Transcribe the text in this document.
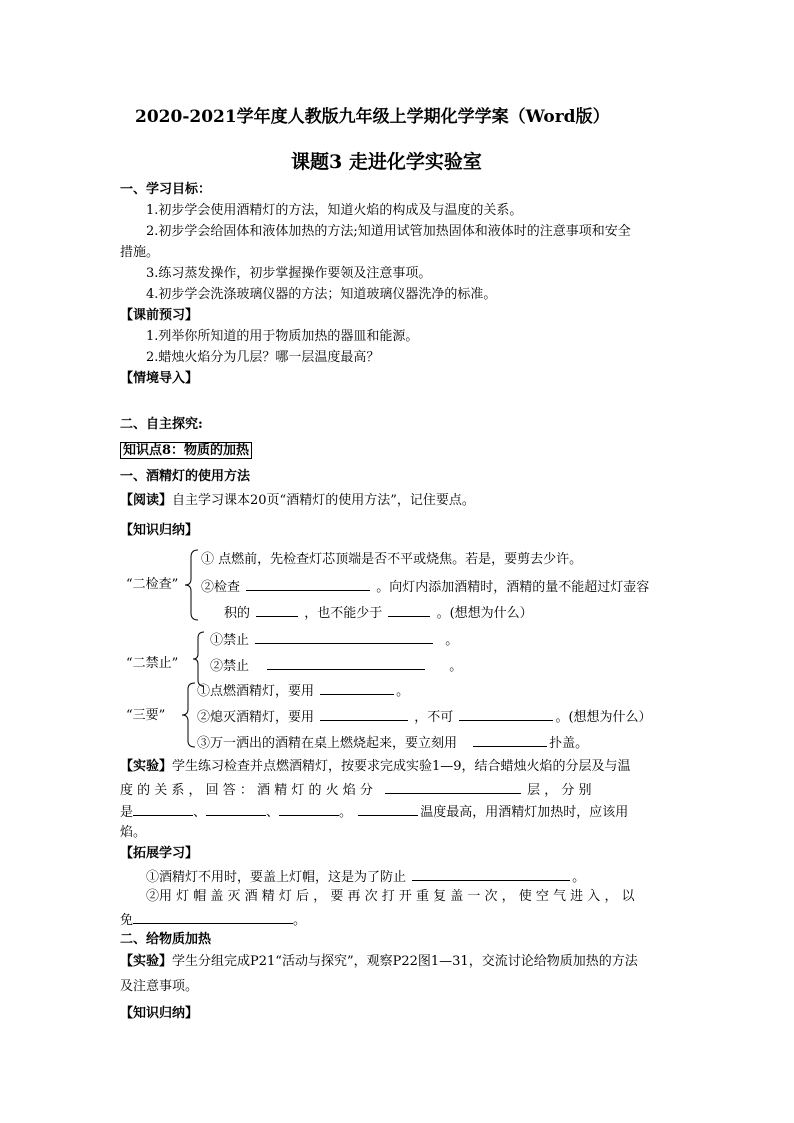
2020-2021学年度人教版九年级上学期化学学案（Word版）
课题3 走进化学实验室
一、学习目标：
1.初步学会使用酒精灯的方法，知道火焰的构成及与温度的关系。
2.初步学会给固体和液体加热的方法;知道用试管加热固体和液体时的注意事项和安全
措施。
3.练习蒸发操作，初步掌握操作要领及注意事项。
4.初步学会洗涤玻璃仪器的方法；知道玻璃仪器洗净的标准。
【课前预习】
1.列举你所知道的用于物质加热的器皿和能源。
2.蜡烛火焰分为几层？哪一层温度最高？
【情境导入】
二、自主探究:
知识点8：物质的加热
一、酒精灯的使用方法
【阅读】自主学习课本20页“酒精灯的使用方法”，记住要点。
【知识归纳】
“二检查”
① 点燃前，先检查灯芯顶端是否不平或烧焦。若是，要剪去少许。
②检查	。向灯内添加酒精时，酒精的量不能超过灯壶容
积的	，也不能少于	。(想想为什么）
“二禁止”
①禁止	。
②禁止	。
“三要”
①点燃酒精灯，要用	。
②熄灭酒精灯，要用	，不可	。(想想为什么）
③万一洒出的酒精在桌上燃烧起来，要立刻用	扑盖。
【实验】学生练习检查并点燃酒精灯，按要求完成实验1—9，结合蜡烛火焰的分层及与温
度 的 关 系 ， 回 答 ： 酒 精 灯 的 火 焰 分	层 ， 分 别
是	、	、	。	温度最高，用酒精灯加热时，应该用
焰。
【拓展学习】
①酒精灯不用时，要盖上灯帽，这是为了防止	。
②用 灯 帽 盖 灭 酒 精 灯 后 ， 要 再 次 打 开 重 复 盖 一 次 ， 使 空 气 进 入 ， 以
免	。
二、给物质加热
【实验】学生分组完成P21“活动与探究”，观察P22图1—31，交流讨论给物质加热的方法
及注意事项。
【知识归纳】
